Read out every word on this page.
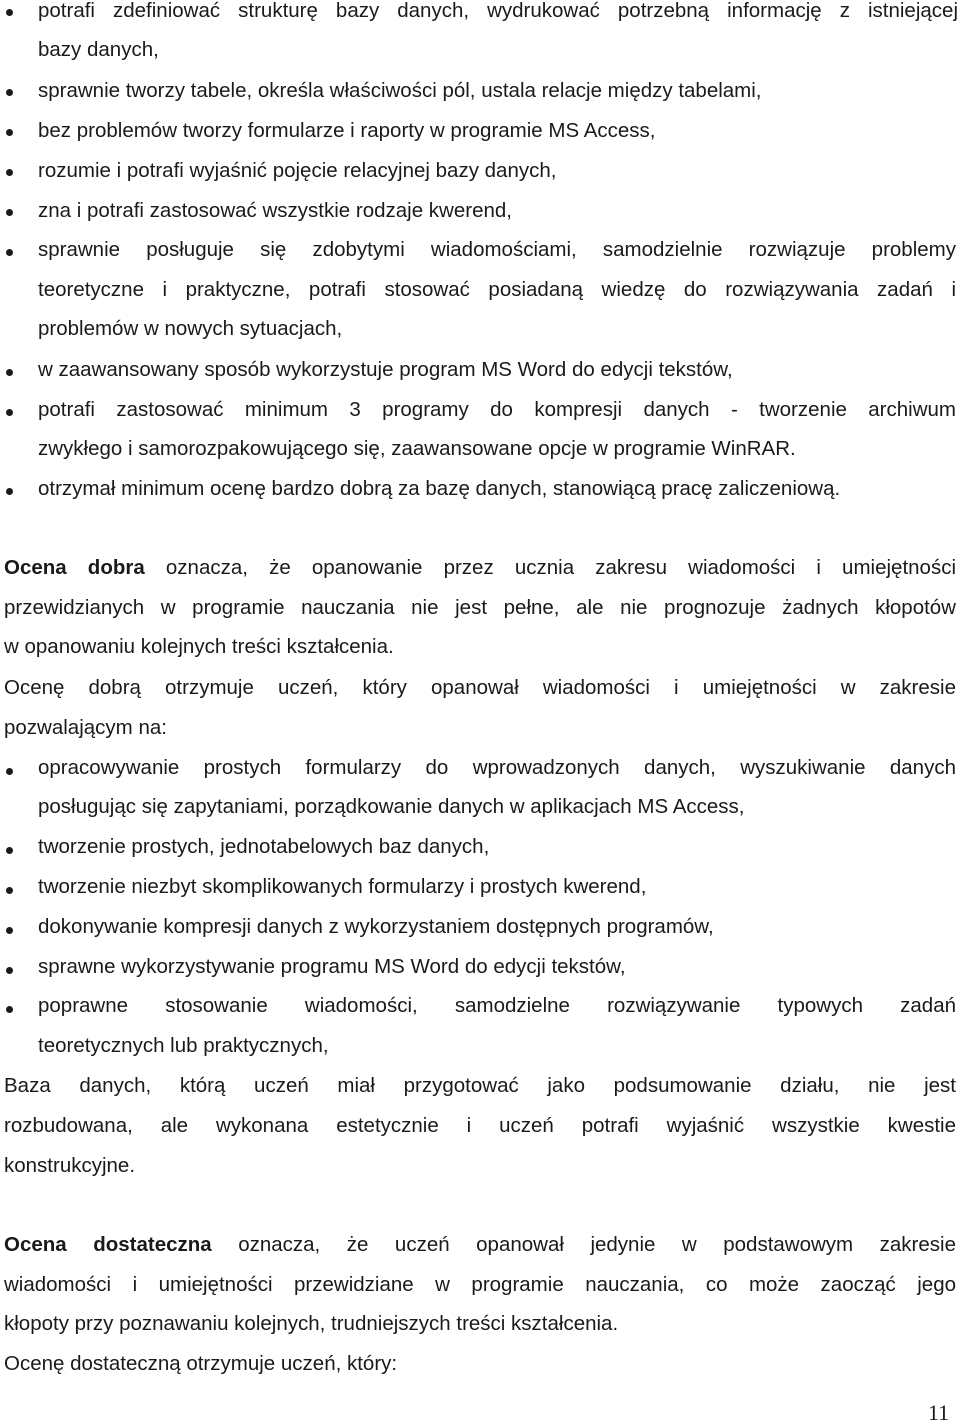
potrafi zdefiniować strukturę bazy danych, wydrukować potrzebną informację z istniejącej
bazy danych,
sprawnie tworzy tabele, określa właściwości pól, ustala relacje między tabelami,
bez problemów tworzy formularze i raporty w programie MS Access,
rozumie i potrafi wyjaśnić pojęcie relacyjnej bazy danych,
zna i potrafi zastosować wszystkie rodzaje kwerend,
sprawnie posługuje się zdobytymi wiadomościami, samodzielnie rozwiązuje problemy
teoretyczne i praktyczne, potrafi stosować posiadaną wiedzę do rozwiązywania zadań i
problemów w nowych sytuacjach,
w zaawansowany sposób wykorzystuje program MS Word do edycji tekstów,
potrafi zastosować minimum 3 programy do kompresji danych - tworzenie archiwum
zwykłego i samorozpakowującego się, zaawansowane opcje w programie WinRAR.
otrzymał minimum ocenę bardzo dobrą za bazę danych, stanowiącą pracę zaliczeniową.
Ocena dobra oznacza, że opanowanie przez ucznia zakresu wiadomości i umiejętności
przewidzianych w programie nauczania nie jest pełne, ale nie prognozuje żadnych kłopotów
w opanowaniu kolejnych treści kształcenia.
Ocenę dobrą otrzymuje uczeń, który opanował wiadomości i umiejętności w zakresie
pozwalającym na:
opracowywanie prostych formularzy do wprowadzonych danych, wyszukiwanie danych
posługując się zapytaniami, porządkowanie danych w aplikacjach MS Access,
tworzenie prostych, jednotabelowych baz danych,
tworzenie niezbyt skomplikowanych formularzy i prostych kwerend,
dokonywanie kompresji danych z wykorzystaniem dostępnych programów,
sprawne wykorzystywanie programu MS Word do edycji tekstów,
poprawne stosowanie wiadomości, samodzielne rozwiązywanie typowych zadań
teoretycznych lub praktycznych,
Baza danych, którą uczeń miał przygotować jako podsumowanie działu, nie jest
rozbudowana, ale wykonana estetycznie i uczeń potrafi wyjaśnić wszystkie kwestie
konstrukcyjne.
Ocena dostateczna oznacza, że uczeń opanował jedynie w podstawowym zakresie
wiadomości i umiejętności przewidziane w programie nauczania, co może zaocząć jego
kłopoty przy poznawaniu kolejnych, trudniejszych treści kształcenia.
Ocenę dostateczną otrzymuje uczeń, który:
11
